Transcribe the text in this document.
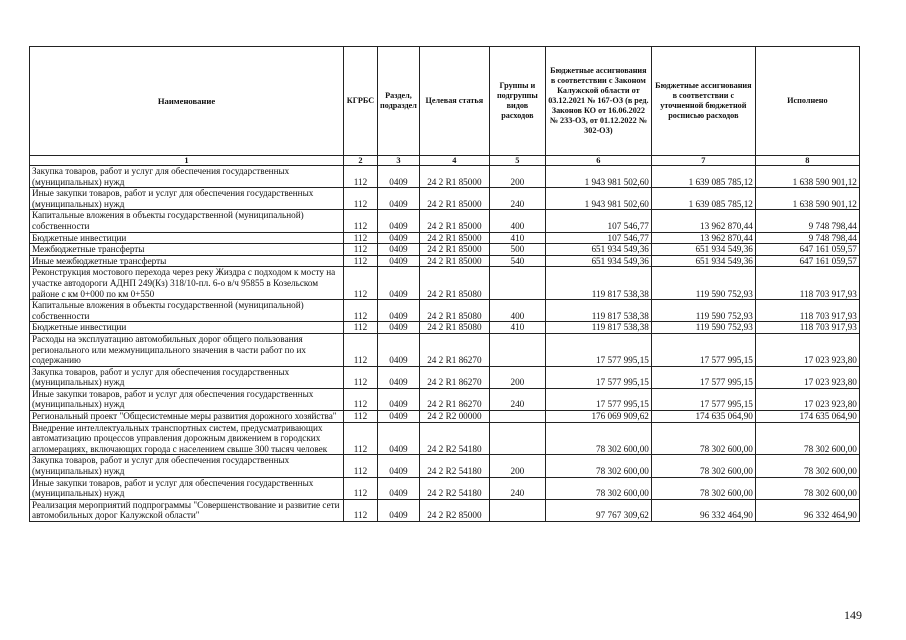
Наименование	КГРБС	Раздел, подраздел	Целевая статья	Группы и подгруппы видов расходов	Бюджетные ассигнования в соответствии с Законом Калужской области от 03.12.2021 № 167-ОЗ (в ред. Законов КО от 16.06.2022 № 233-ОЗ, от 01.12.2022 № 302-ОЗ)	Бюджетные ассигнования в соответствии с уточненной бюджетной росписью расходов	Исполнено
1	2	3	4	5	6	7	8
Закупка товаров, работ и услуг для обеспечения государственных (муниципальных) нужд	112	0409	24 2 R1 85000	200	1 943 981 502,60	1 639 085 785,12	1 638 590 901,12
Иные закупки товаров, работ и услуг для обеспечения государственных (муниципальных) нужд	112	0409	24 2 R1 85000	240	1 943 981 502,60	1 639 085 785,12	1 638 590 901,12
Капитальные вложения в объекты государственной (муниципальной) собственности	112	0409	24 2 R1 85000	400	107 546,77	13 962 870,44	9 748 798,44
Бюджетные инвестиции	112	0409	24 2 R1 85000	410	107 546,77	13 962 870,44	9 748 798,44
Межбюджетные трансферты	112	0409	24 2 R1 85000	500	651 934 549,36	651 934 549,36	647 161 059,57
Иные межбюджетные трансферты	112	0409	24 2 R1 85000	540	651 934 549,36	651 934 549,36	647 161 059,57
Реконструкция мостового перехода через реку Жиздра с подходом к мосту на участке автодороги АДНП 249(Кз) 318/10-пл. 6-о в/ч 95855 в Козельском районе с км 0+000 по км 0+550	112	0409	24 2 R1 85080		119 817 538,38	119 590 752,93	118 703 917,93
Капитальные вложения в объекты государственной (муниципальной) собственности	112	0409	24 2 R1 85080	400	119 817 538,38	119 590 752,93	118 703 917,93
Бюджетные инвестиции	112	0409	24 2 R1 85080	410	119 817 538,38	119 590 752,93	118 703 917,93
Расходы на эксплуатацию автомобильных дорог общего пользования регионального или межмуниципального значения в части работ по их содержанию	112	0409	24 2 R1 86270		17 577 995,15	17 577 995,15	17 023 923,80
Закупка товаров, работ и услуг для обеспечения государственных (муниципальных) нужд	112	0409	24 2 R1 86270	200	17 577 995,15	17 577 995,15	17 023 923,80
Иные закупки товаров, работ и услуг для обеспечения государственных (муниципальных) нужд	112	0409	24 2 R1 86270	240	17 577 995,15	17 577 995,15	17 023 923,80
Региональный проект "Общесистемные меры развития дорожного хозяйства"	112	0409	24 2 R2 00000		176 069 909,62	174 635 064,90	174 635 064,90
Внедрение интеллектуальных транспортных систем, предусматривающих автоматизацию процессов управления дорожным движением в городских агломерациях, включающих города с населением свыше 300 тысяч человек	112	0409	24 2 R2 54180		78 302 600,00	78 302 600,00	78 302 600,00
Закупка товаров, работ и услуг для обеспечения государственных (муниципальных) нужд	112	0409	24 2 R2 54180	200	78 302 600,00	78 302 600,00	78 302 600,00
Иные закупки товаров, работ и услуг для обеспечения государственных (муниципальных) нужд	112	0409	24 2 R2 54180	240	78 302 600,00	78 302 600,00	78 302 600,00
Реализация мероприятий подпрограммы "Совершенствование и развитие сети автомобильных дорог Калужской области"	112	0409	24 2 R2 85000		97 767 309,62	96 332 464,90	96 332 464,90
149
